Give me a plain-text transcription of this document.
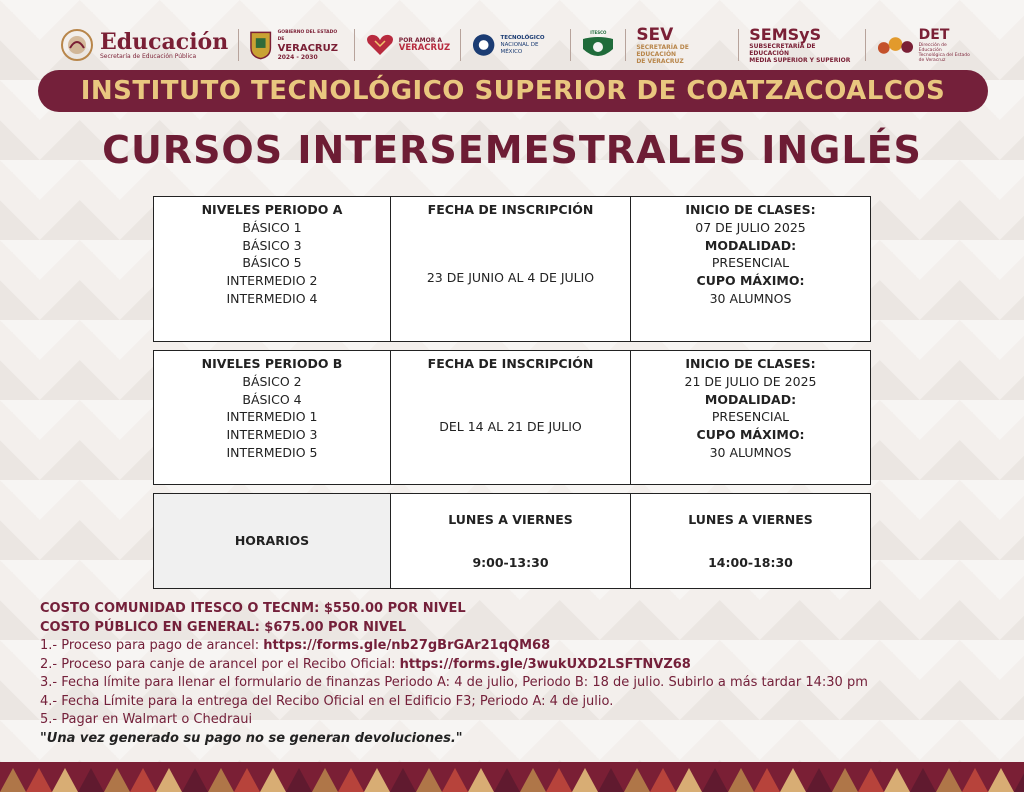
Educación
Secretaría de Educación Pública
GOBIERNO DEL ESTADO DE
VERACRUZ
2024 - 2030
POR AMOR A
VERACRUZ
TECNOLÓGICO
NACIONAL DE MÉXICO
ITESCO SEV
SECRETARÍA DE EDUCACIÓN
DE VERACRUZ
SEMSyS
SUBSECRETARÍA DE EDUCACIÓN
MEDIA SUPERIOR Y SUPERIOR
DET
Dirección de Educación
Tecnológica del Estado
de Veracruz
INSTITUTO TECNOLÓGICO SUPERIOR DE COATZACOALCOS
CURSOS INTERSEMESTRALES INGLÉS
NIVELES PERIODO A
BÁSICO 1
BÁSICO 3
BÁSICO 5
INTERMEDIO 2
INTERMEDIO 4
FECHA DE INSCRIPCIÓN
23 DE JUNIO AL 4 DE JULIO
INICIO DE CLASES:
07 DE JULIO 2025
MODALIDAD:
PRESENCIAL
CUPO MÁXIMO:
30 ALUMNOS
NIVELES PERIODO B
BÁSICO 2
BÁSICO 4
INTERMEDIO 1
INTERMEDIO 3
INTERMEDIO 5
FECHA DE INSCRIPCIÓN
DEL 14 AL 21 DE JULIO
INICIO DE CLASES:
21 DE JULIO DE 2025
MODALIDAD:
PRESENCIAL
CUPO MÁXIMO:
30 ALUMNOS
HORARIOS
LUNES A VIERNES
9:00-13:30
LUNES A VIERNES
14:00-18:30
COSTO COMUNIDAD ITESCO O TECNM: $550.00 POR NIVEL
COSTO PÚBLICO EN GENERAL: $675.00 POR NIVEL
1.- Proceso para pago de arancel: https://forms.gle/nb27gBrGAr21qQM68
2.- Proceso para canje de arancel por el Recibo Oficial: https://forms.gle/3wukUXD2LSFTNVZ68
3.- Fecha límite para llenar el formulario de finanzas Periodo A: 4 de julio, Periodo B: 18 de julio. Subirlo a más tardar 14:30 pm
4.- Fecha Límite para la entrega del Recibo Oficial en el Edificio F3; Periodo A: 4 de julio.
5.- Pagar en Walmart o Chedraui
"Una vez generado su pago no se generan devoluciones."
